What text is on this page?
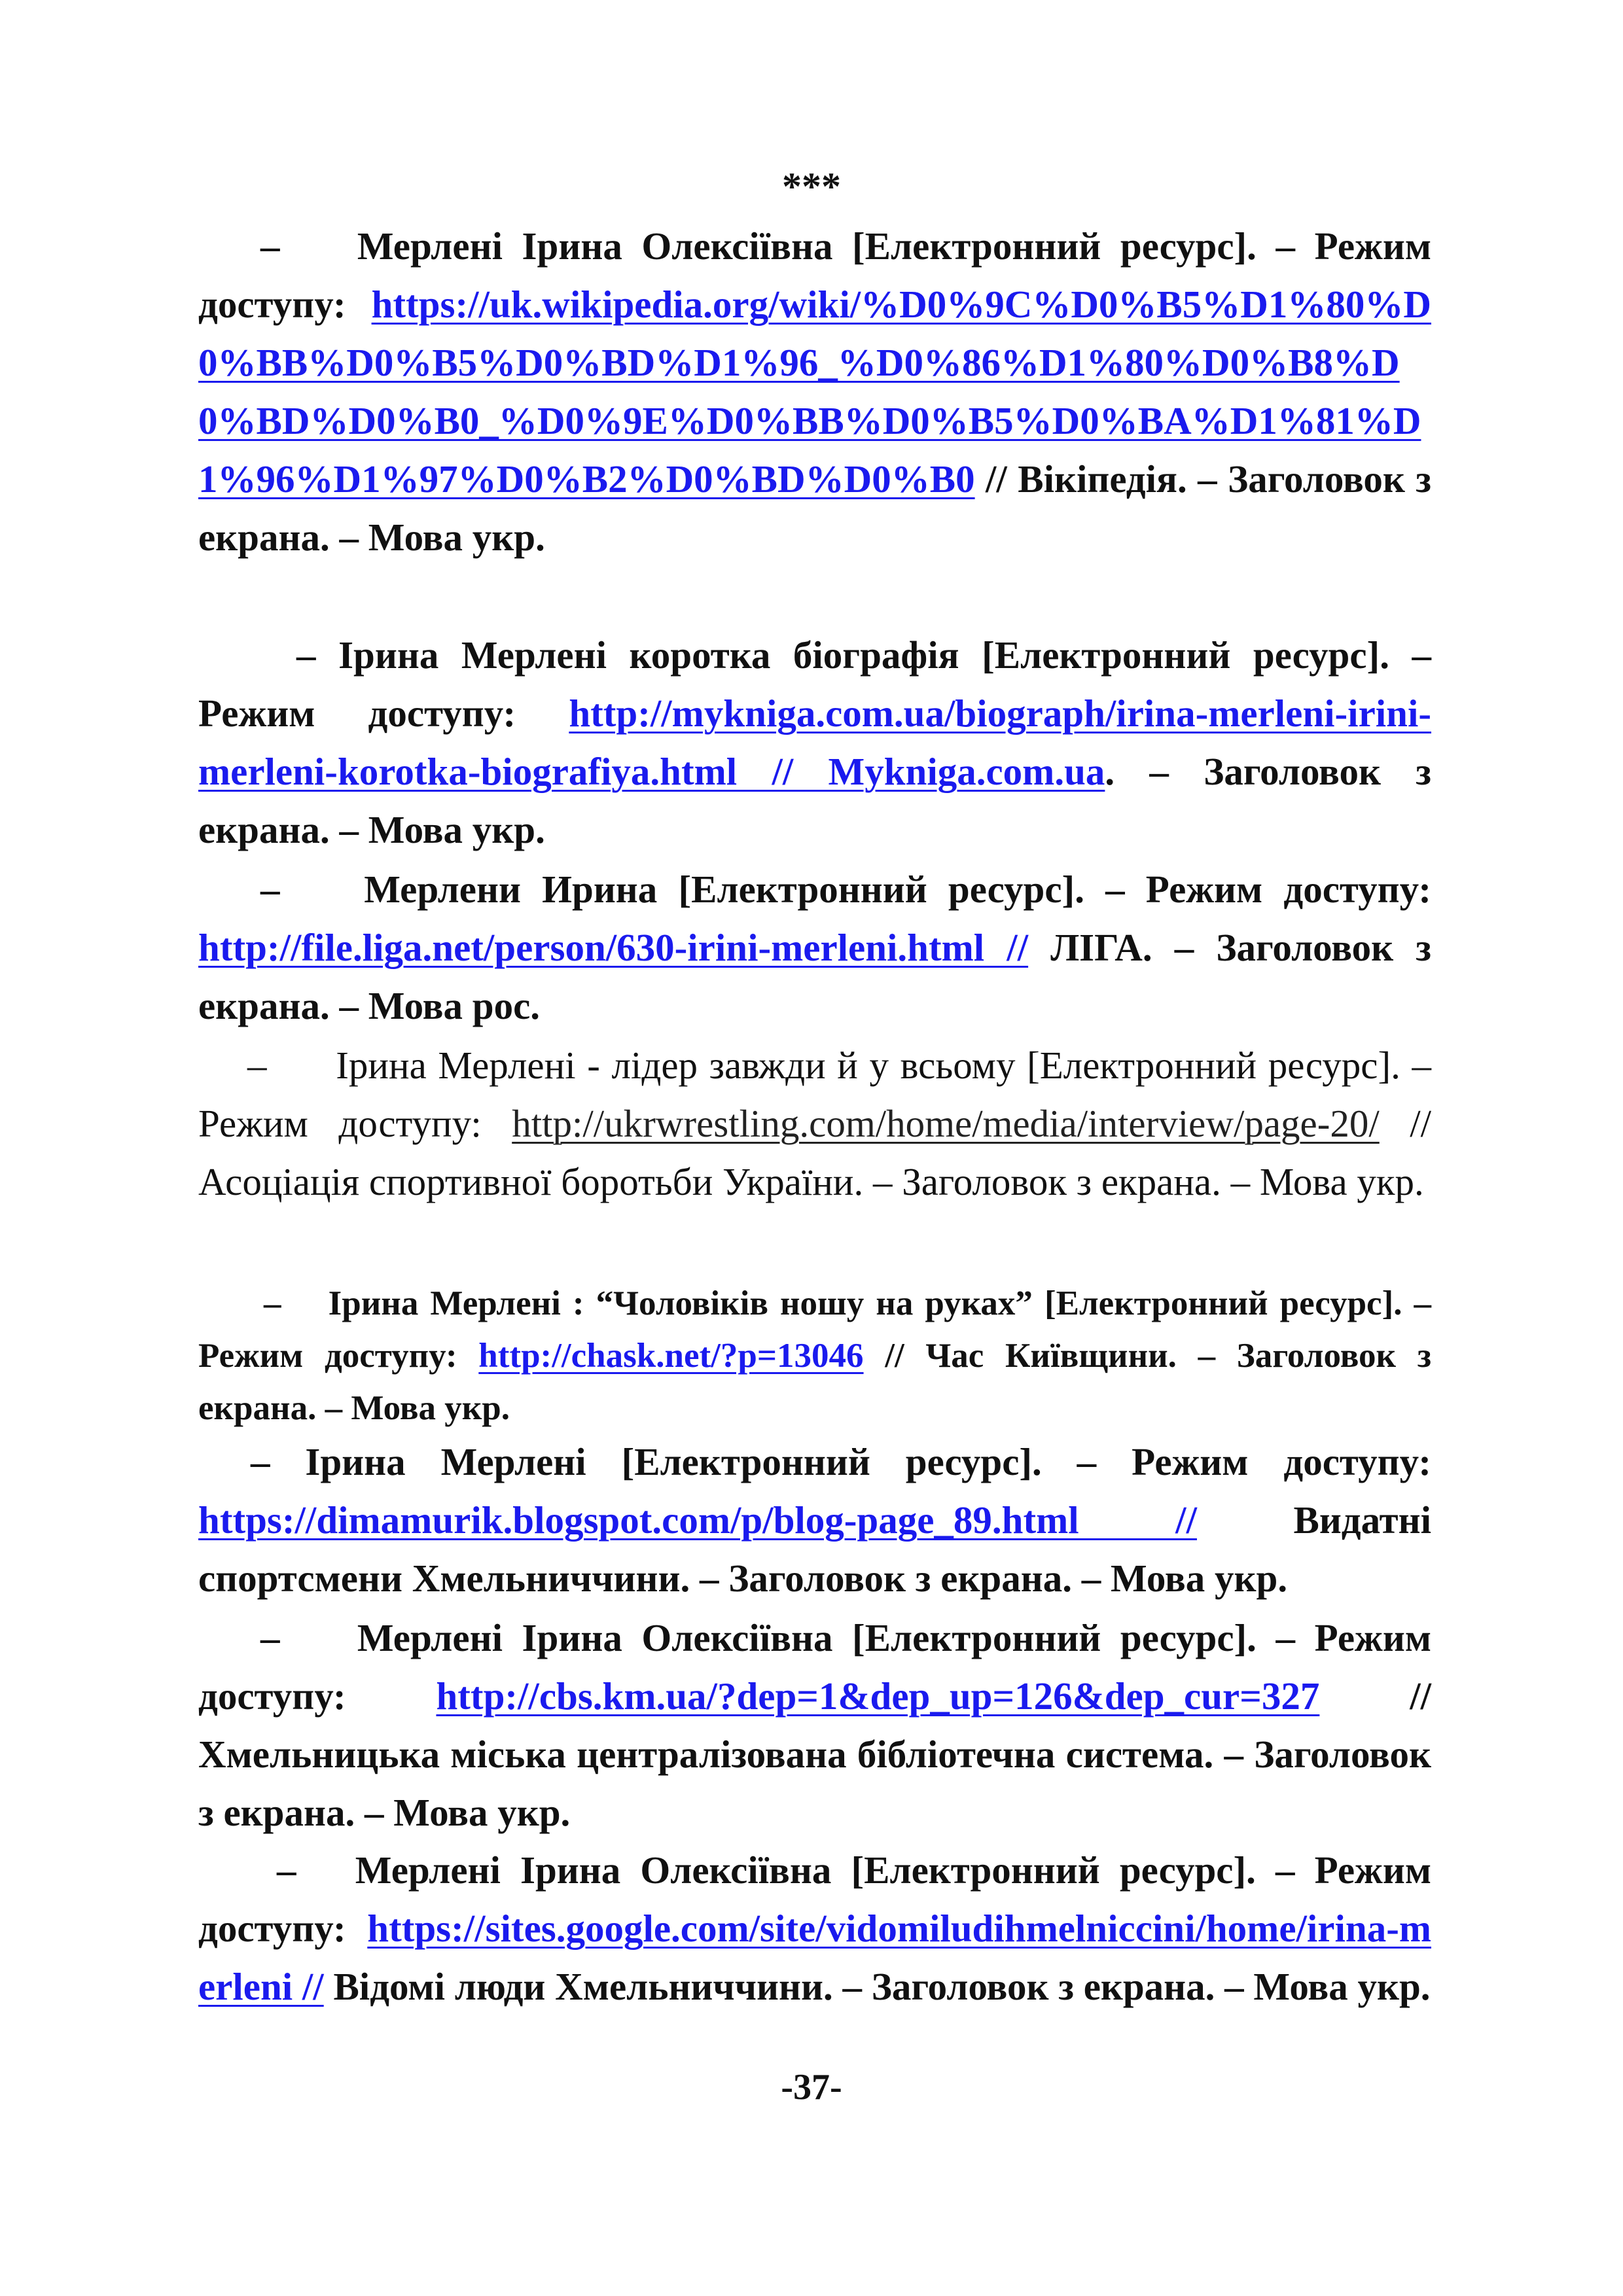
***
– Мерлені Ірина Олексіївна [Електронний ресурс]. – Режим доступу: https://uk.wikipedia.org/wiki/%D0%9C%D0%B5%D1%80%D0%BB%D0%B5%D0%BD%D1%96_%D0%86%D1%80%D0%B8%D0%BD%D0%B0_%D0%9E%D0%BB%D0%B5%D0%BA%D1%81%D1%96%D1%97%D0%B2%D0%BD%D0%B0 // Вікіпедія. – Заголовок з екрана. – Мова укр.
– Ірина Мерлені коротка біографія [Електронний ресурс]. – Режим доступу: http://mykniga.com.ua/biograph/irina-merleni-irini-merleni-korotka-biografiya.html // Mykniga.com.ua. – Заголовок з екрана. – Мова укр.
– Мерлени Ирина [Електронний ресурс]. – Режим доступу: http://file.liga.net/person/630-irini-merleni.html // ЛІГА. – Заголовок з екрана. – Мова рос.
– Ірина Мерлені - лідер завжди й у всьому [Електронний ресурс]. – Режим доступу: http://ukrwrestling.com/home/media/interview/page-20/ // Асоціація спортивної боротьби України. – Заголовок з екрана. – Мова укр.
– Ірина Мерлені : “Чоловіків ношу на руках” [Електронний ресурс]. – Режим доступу: http://chask.net/?p=13046 // Час Київщини. – Заголовок з екрана. – Мова укр.
– Ірина Мерлені [Електронний ресурс]. – Режим доступу: https://dimamurik.blogspot.com/p/blog-page_89.html // Видатні спортсмени Хмельниччини. – Заголовок з екрана. – Мова укр.
– Мерлені Ірина Олексіївна [Електронний ресурс]. – Режим доступу: http://cbs.km.ua/?dep=1&dep_up=126&dep_cur=327 // Хмельницька міська централізована бібліотечна система. – Заголовок з екрана. – Мова укр.
– Мерлені Ірина Олексіївна [Електронний ресурс]. – Режим доступу: https://sites.google.com/site/vidomiludihmelniccini/home/irina-merleni // Відомі люди Хмельниччини. – Заголовок з екрана. – Мова укр.
-37-
